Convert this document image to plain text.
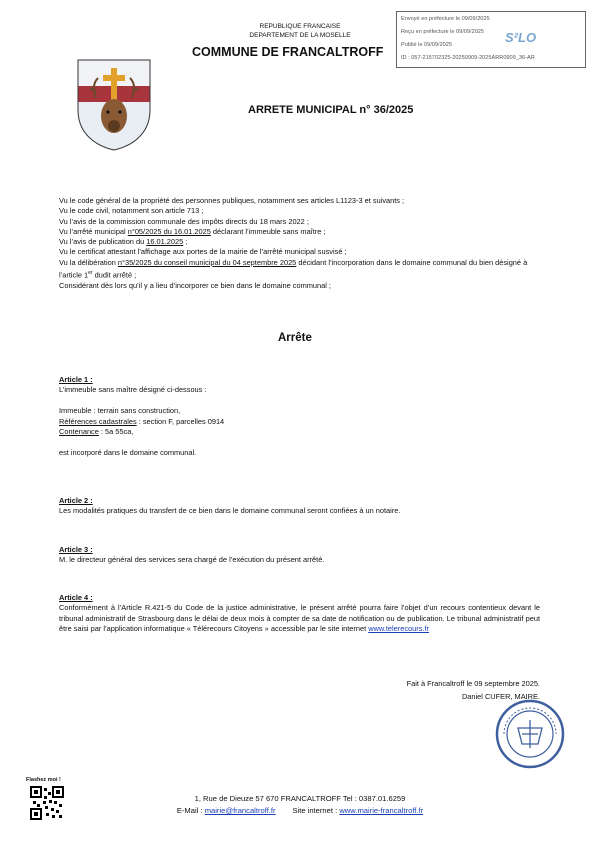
REPUBLIQUE FRANCAISE
DEPARTEMENT DE LA MOSELLE
COMMUNE DE FRANCALTROFF
Envoyé en préfecture le 09/09/2025
Reçu en préfecture le 09/09/2025
Publié le 09/09/2025
ID : 057-215702325-20250909-2025ARR0909_36-AR
S²LO
ARRETE MUNICIPAL n° 36/2025

Vu le code général de la propriété des personnes publiques, notamment ses articles L1123-3 et suivants ;

Vu le code civil, notamment son article 713 ;

Vu l’avis de la commission communale des impôts directs du 18 mars 2022 ;

Vu l’arrêté municipal n°05/2025 du 16.01.2025 déclarant l’immeuble sans maître ;

Vu l’avis de publication du 16.01.2025 ;

Vu le certificat attestant l’affichage aux portes de la mairie de l’arrêté municipal susvisé ;

Vu la délibération n°35/2025 du conseil municipal du 04 septembre 2025 décidant l’incorporation dans le domaine communal du bien désigné à l’article 1er dudit arrêté ;

Considérant dès lors qu’il y a lieu d’incorporer ce bien dans le domaine communal ;

Arrête

Article 1 :

L’immeuble sans maître désigné ci-dessous :

Immeuble : terrain sans construction,

Références cadastrales : section F, parcelles 0914

Contenance : 5a 55ca,

est incorporé dans le domaine communal.

Article 2 :

Les modalités pratiques du transfert de ce bien dans le domaine communal seront confiées à un notaire.

Article 3 :

M. le directeur général des services sera chargé de l’exécution du présent arrêté.

Article 4 :

Conformément à l’Article R.421-5 du Code de la justice administrative, le présent arrêté pourra faire l’objet d’un recours contentieux devant le tribunal administratif de Strasbourg dans le délai de deux mois à compter de sa date de notification ou de publication. Le tribunal administratif peut être saisi par l’application informatique « Télérecours Citoyens » accessible par le site internet www.telerecours.fr

Fait à Francaltroff le 09 septembre 2025.
Daniel CUFER, MAIRE.
Flashez moi !
1, Rue de Dieuze 57 670 FRANCALTROFF Tel : 0387.01.6259
E-Mail : mairie@francaltroff.fr Site internet : www.mairie-francaltroff.fr
